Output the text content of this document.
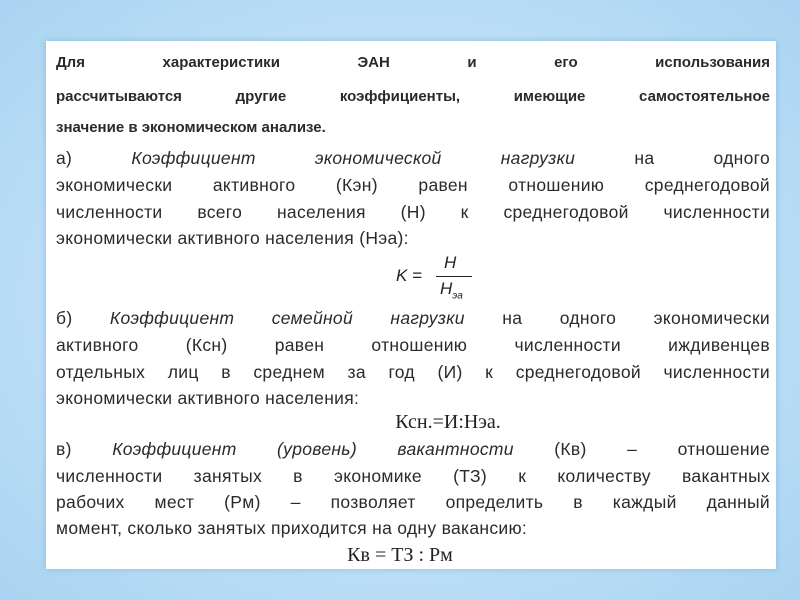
Для характеристики ЭАН и его использования
рассчитываются другие коэффициенты, имеющие самостоятельное
значение в экономическом анализе.
а) Коэффициент экономической нагрузки на одного
экономически активного (Кэн) равен отношению среднегодовой
численности всего населения (Н) к среднегодовой численности
экономически активного населения (Нэа):
K =
H
$H_{эа}$
б) Коэффициент семейной нагрузки на одного экономически
активного (Ксн) равен отношению численности иждивенцев
отдельных лиц в среднем за год (И) к среднегодовой численности
экономически активного населения:
Ксн.=И:Нэа.
в) Коэффициент (уровень) вакантности (Кв) – отношение
численности занятых в экономике (ТЗ) к количеству вакантных
рабочих мест (Рм) – позволяет определить в каждый данный
момент, сколько занятых приходится на одну вакансию:
Кв = ТЗ : Рм
